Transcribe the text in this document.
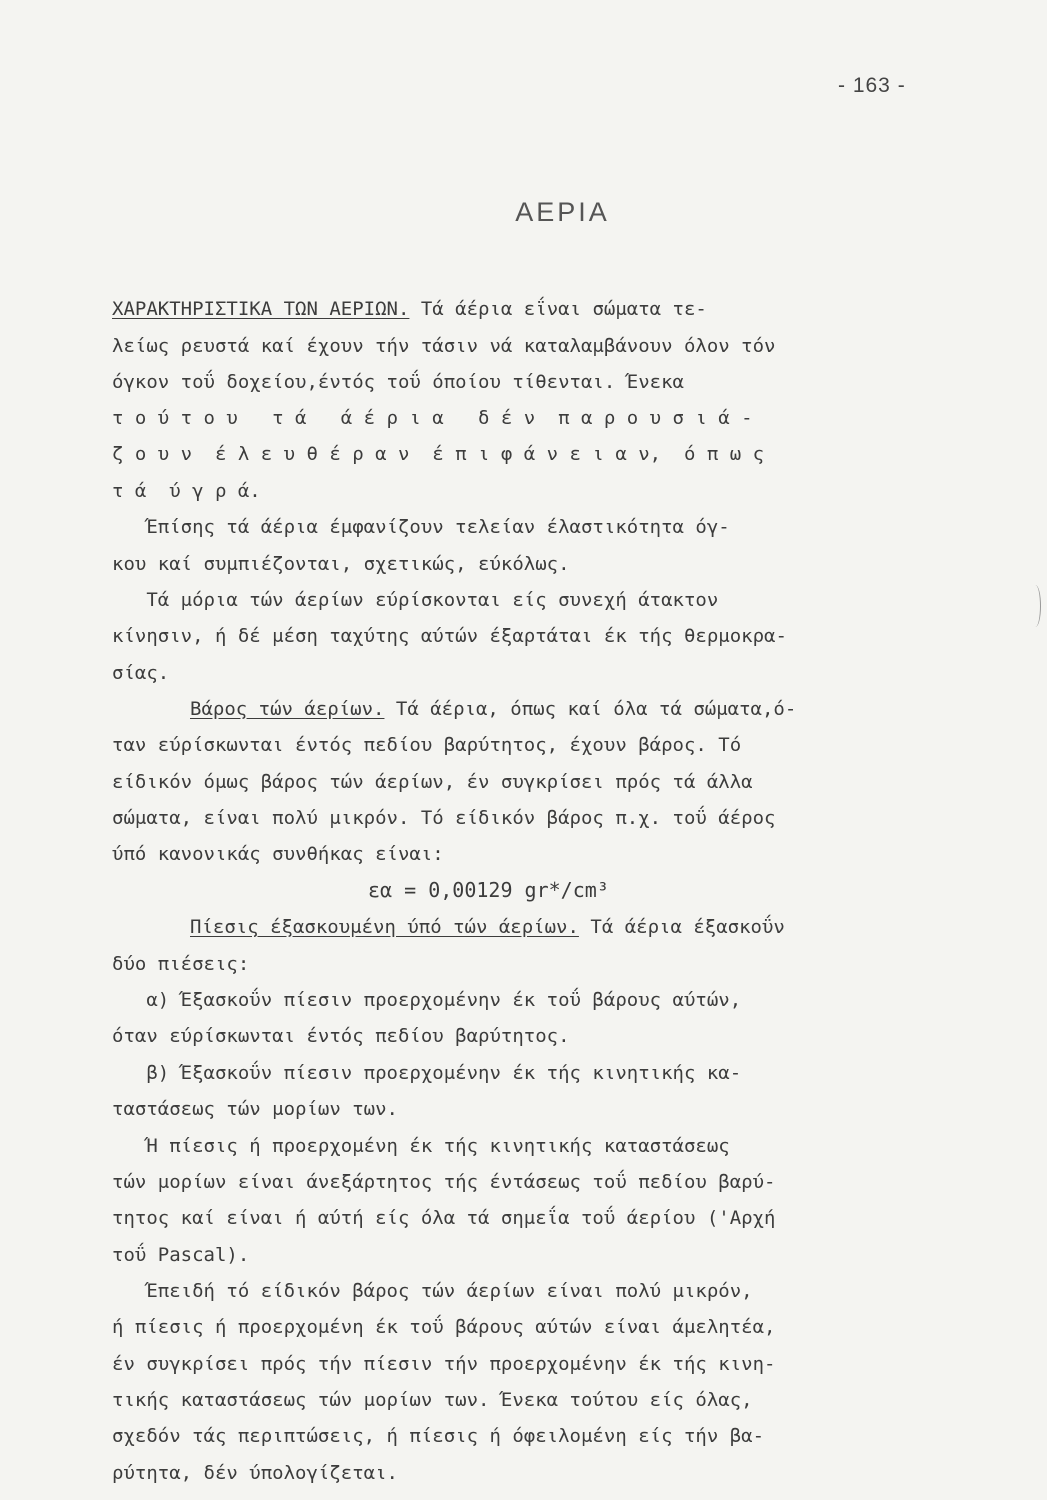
- 163 -
ΑΕΡΙΑ
ΧΑΡΑΚΤΗΡΙΣΤΙΚΑ ΤΩΝ ΑΕΡΙΩΝ. Τά άέρια εΐναι σώματα τε-
λείως ρευστά καί έχουν τήν τάσιν νά καταλαμβάνουν όλον τόν
όγκον τοΰ δοχείου,έντός τοΰ όποίου τίθενται. Ένεκα
τ ο ύ τ ο υ   τ ά   ά έ ρ ι α   δ έ ν  π α ρ ο υ σ ι ά -
ζ ο υ ν  έ λ ε υ θ έ ρ α ν  έ π ι φ ά ν ε ι α ν,  ό π ω ς
τ ά  ύ γ ρ ά.
Έπίσης τά άέρια έμφανίζουν τελείαν έλαστικότητα όγ-
κου καί συμπιέζονται, σχετικώς, εύκόλως.
Τά μόρια τών άερίων εύρίσκονται είς συνεχή άτακτον
κίνησιν, ή δέ μέση ταχύτης αύτών έξαρτάται έκ τής θερμοκρα-
σίας.
Βάρος τών άερίων. Τά άέρια, όπως καί όλα τά σώματα,ό-
ταν εύρίσκωνται έντός πεδίου βαρύτητος, έχουν βάρος. Τό
είδικόν όμως βάρος τών άερίων, έν συγκρίσει πρός τά άλλα
σώματα, είναι πολύ μικρόν. Τό είδικόν βάρος π.χ. τοΰ άέρος
ύπό κανονικάς συνθήκας είναι:
εα = 0,00129 gr*/cm³
Πίεσις έξασκουμένη ύπό τών άερίων. Τά άέρια έξασκοΰν
δύο πιέσεις:
α) Έξασκοΰν πίεσιν προερχομένην έκ τοΰ βάρους αύτών,
όταν εύρίσκωνται έντός πεδίου βαρύτητος.
β) Έξασκοΰν πίεσιν προερχομένην έκ τής κινητικής κα-
ταστάσεως τών μορίων των.
Ή πίεσις ή προερχομένη έκ τής κινητικής καταστάσεως
τών μορίων είναι άνεξάρτητος τής έντάσεως τοΰ πεδίου βαρύ-
τητος καί είναι ή αύτή είς όλα τά σημεΐα τοΰ άερίου ('Αρχή
τοΰ Pascal).
Έπειδή τό είδικόν βάρος τών άερίων είναι πολύ μικρόν,
ή πίεσις ή προερχομένη έκ τοΰ βάρους αύτών είναι άμελητέα,
έν συγκρίσει πρός τήν πίεσιν τήν προερχομένην έκ τής κινη-
τικής καταστάσεως τών μορίων των. Ένεκα τούτου είς όλας,
σχεδόν τάς περιπτώσεις, ή πίεσις ή όφειλομένη είς τήν βα-
ρύτητα, δέν ύπολογίζεται.
